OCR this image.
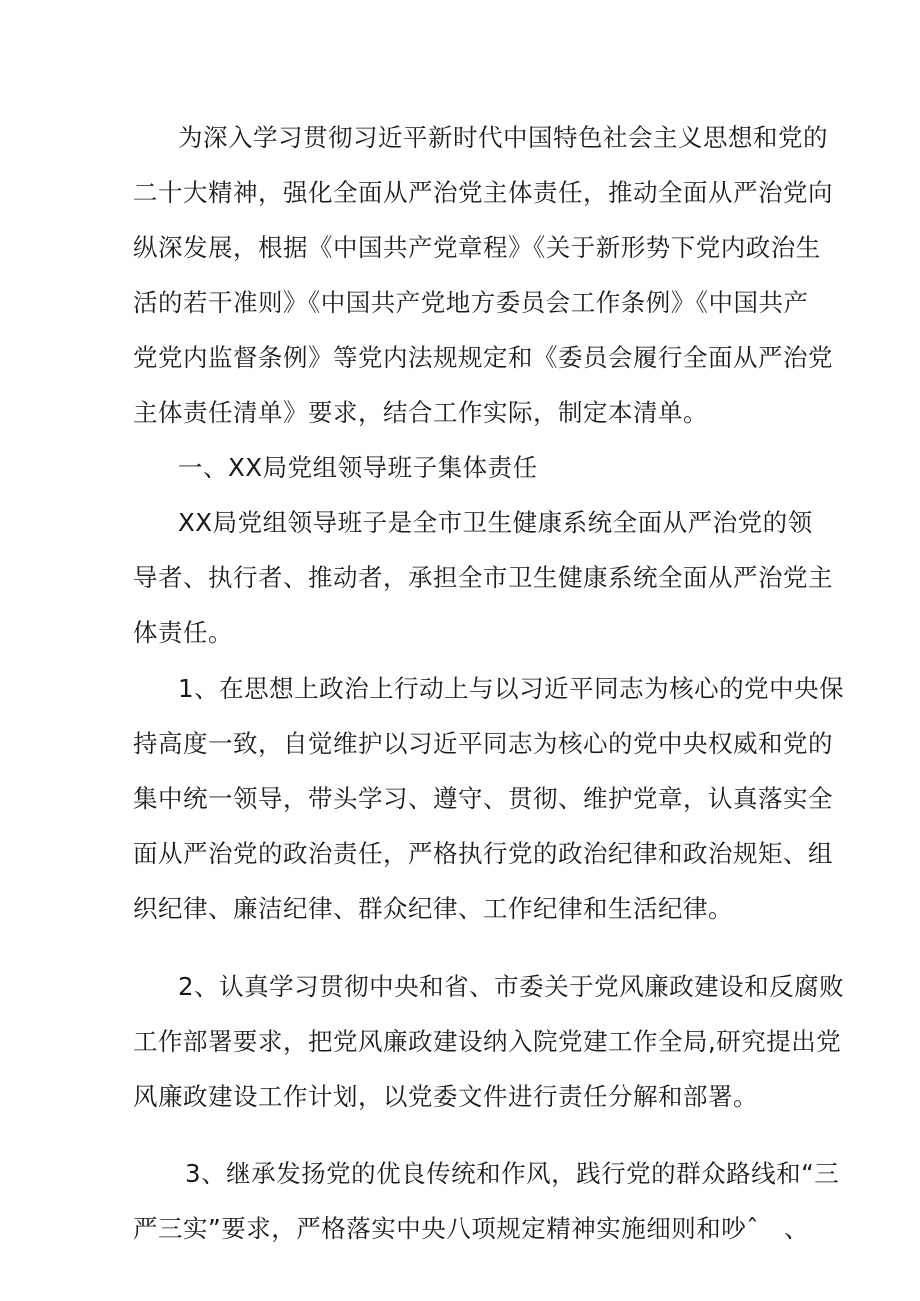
为深入学习贯彻习近平新时代中国特色社会主义思想和党的
二十大精神，强化全面从严治党主体责任，推动全面从严治党向
纵深发展，根据《中国共产党章程》《关于新形势下党内政治生
活的若干准则》《中国共产党地方委员会工作条例》《中国共产
党党内监督条例》等党内法规规定和《委员会履行全面从严治党
主体责任清单》要求，结合工作实际，制定本清单。
一、XX局党组领导班子集体责任
XX局党组领导班子是全市卫生健康系统全面从严治党的领
导者、执行者、推动者，承担全市卫生健康系统全面从严治党主
体责任。
1、在思想上政治上行动上与以习近平同志为核心的党中央保
持高度一致，自觉维护以习近平同志为核心的党中央权威和党的
集中统一领导，带头学习、遵守、贯彻、维护党章，认真落实全
面从严治党的政治责任，严格执行党的政治纪律和政治规矩、组
织纪律、廉洁纪律、群众纪律、工作纪律和生活纪律。
2、认真学习贯彻中央和省、市委关于党风廉政建设和反腐败
工作部署要求，把党风廉政建设纳入院党建工作全局,研究提出党
风廉政建设工作计划，以党委文件进行责任分解和部署。
3、继承发扬党的优良传统和作风，践行党的群众路线和“三
严三实”要求，严格落实中央八项规定精神实施细则和吵ˆ　、
